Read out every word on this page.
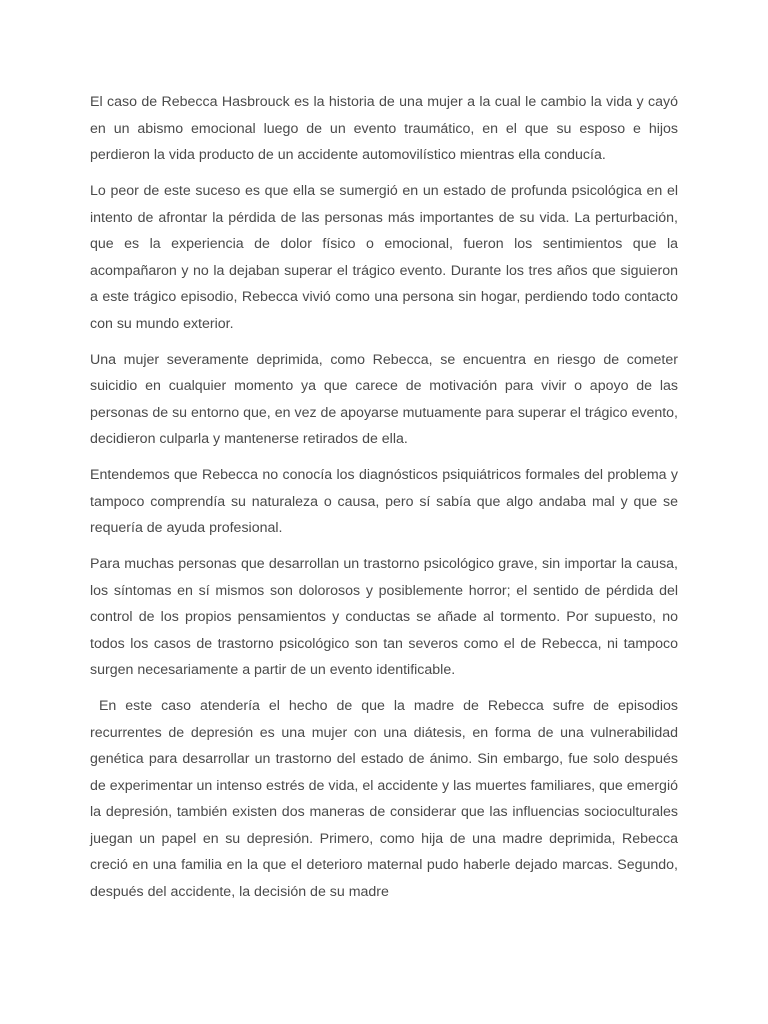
El caso de Rebecca Hasbrouck es la historia de una mujer a la cual le cambio la vida y cayó en un abismo emocional luego de un evento traumático, en el que su esposo e hijos perdieron la vida producto de un accidente automovilístico mientras ella conducía.

Lo peor de este suceso es que ella se sumergió en un estado de profunda psicológica en el intento de afrontar la pérdida de las personas más importantes de su vida. La perturbación, que es la experiencia de dolor físico o emocional, fueron los sentimientos que la acompañaron y no la dejaban superar el trágico evento. Durante los tres años que siguieron a este trágico episodio, Rebecca vivió como una persona sin hogar, perdiendo todo contacto con su mundo exterior.

Una mujer severamente deprimida, como Rebecca, se encuentra en riesgo de cometer suicidio en cualquier momento ya que carece de motivación para vivir o apoyo de las personas de su entorno que, en vez de apoyarse mutuamente para superar el trágico evento, decidieron culparla y mantenerse retirados de ella.

Entendemos que Rebecca no conocía los diagnósticos psiquiátricos formales del problema y tampoco comprendía su naturaleza o causa, pero sí sabía que algo andaba mal y que se requería de ayuda profesional.

Para muchas personas que desarrollan un trastorno psicológico grave, sin importar la causa, los síntomas en sí mismos son dolorosos y posiblemente horror; el sentido de pérdida del control de los propios pensamientos y conductas se añade al tormento. Por supuesto, no todos los casos de trastorno psicológico son tan severos como el de Rebecca, ni tampoco surgen necesariamente a partir de un evento identificable.

En este caso atendería el hecho de que la madre de Rebecca sufre de episodios recurrentes de depresión es una mujer con una diátesis, en forma de una vulnerabilidad genética para desarrollar un trastorno del estado de ánimo. Sin embargo, fue solo después de experimentar un intenso estrés de vida, el accidente y las muertes familiares, que emergió la depresión, también existen dos maneras de considerar que las influencias socioculturales juegan un papel en su depresión. Primero, como hija de una madre deprimida, Rebecca creció en una familia en la que el deterioro maternal pudo haberle dejado marcas. Segundo, después del accidente, la decisión de su madre
